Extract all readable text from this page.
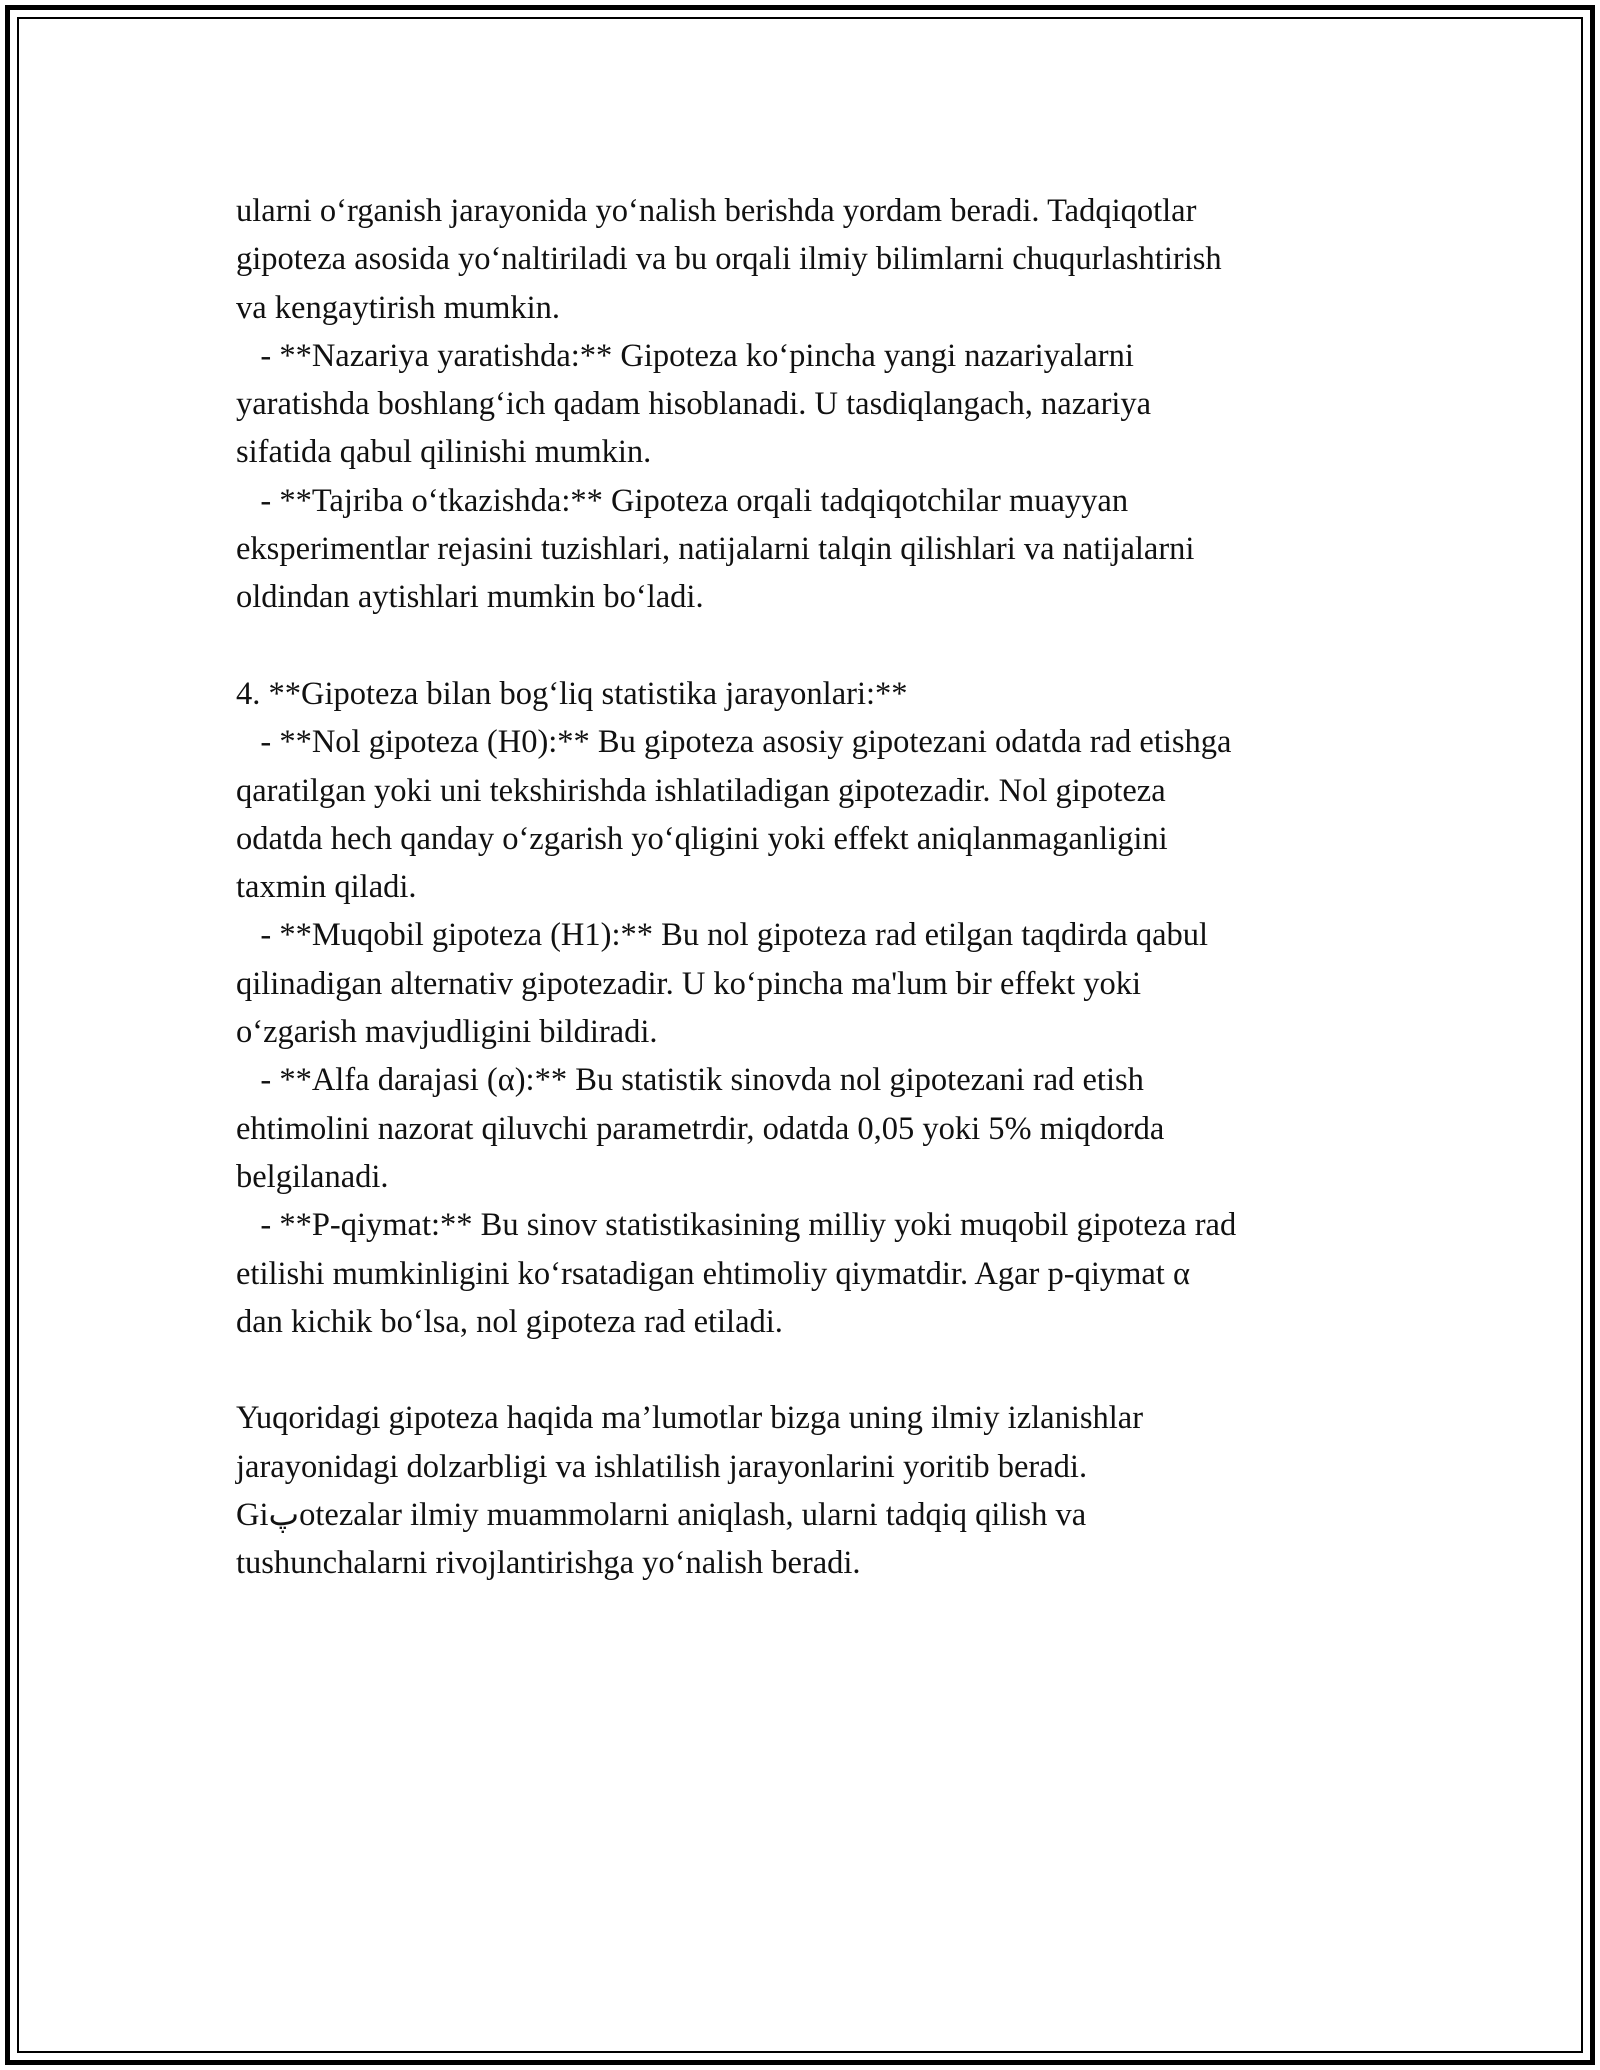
ularni o‘rganish jarayonida yo‘nalish berishda yordam beradi. Tadqiqotlar
gipoteza asosida yo‘naltiriladi va bu orqali ilmiy bilimlarni chuqurlashtirish
va kengaytirish mumkin.
- **Nazariya yaratishda:** Gipoteza ko‘pincha yangi nazariyalarni
yaratishda boshlang‘ich qadam hisoblanadi. U tasdiqlangach, nazariya
sifatida qabul qilinishi mumkin.
- **Tajriba o‘tkazishda:** Gipoteza orqali tadqiqotchilar muayyan
eksperimentlar rejasini tuzishlari, natijalarni talqin qilishlari va natijalarni
oldindan aytishlari mumkin bo‘ladi.
4. **Gipoteza bilan bog‘liq statistika jarayonlari:**
- **Nol gipoteza (H0):** Bu gipoteza asosiy gipotezani odatda rad etishga
qaratilgan yoki uni tekshirishda ishlatiladigan gipotezadir. Nol gipoteza
odatda hech qanday o‘zgarish yo‘qligini yoki effekt aniqlanmaganligini
taxmin qiladi.
- **Muqobil gipoteza (H1):** Bu nol gipoteza rad etilgan taqdirda qabul
qilinadigan alternativ gipotezadir. U ko‘pincha ma'lum bir effekt yoki
o‘zgarish mavjudligini bildiradi.
- **Alfa darajasi (α):** Bu statistik sinovda nol gipotezani rad etish
ehtimolini nazorat qiluvchi parametrdir, odatda 0,05 yoki 5% miqdorda
belgilanadi.
- **P-qiymat:** Bu sinov statistikasining milliy yoki muqobil gipoteza rad
etilishi mumkinligini ko‘rsatadigan ehtimoliy qiymatdir. Agar p-qiymat α
dan kichik bo‘lsa, nol gipoteza rad etiladi.
Yuqoridagi gipoteza haqida ma’lumotlar bizga uning ilmiy izlanishlar
jarayonidagi dolzarbligi va ishlatilish jarayonlarini yoritib beradi.
Giپotezalar ilmiy muammolarni aniqlash, ularni tadqiq qilish va
tushunchalarni rivojlantirishga yo‘nalish beradi.
